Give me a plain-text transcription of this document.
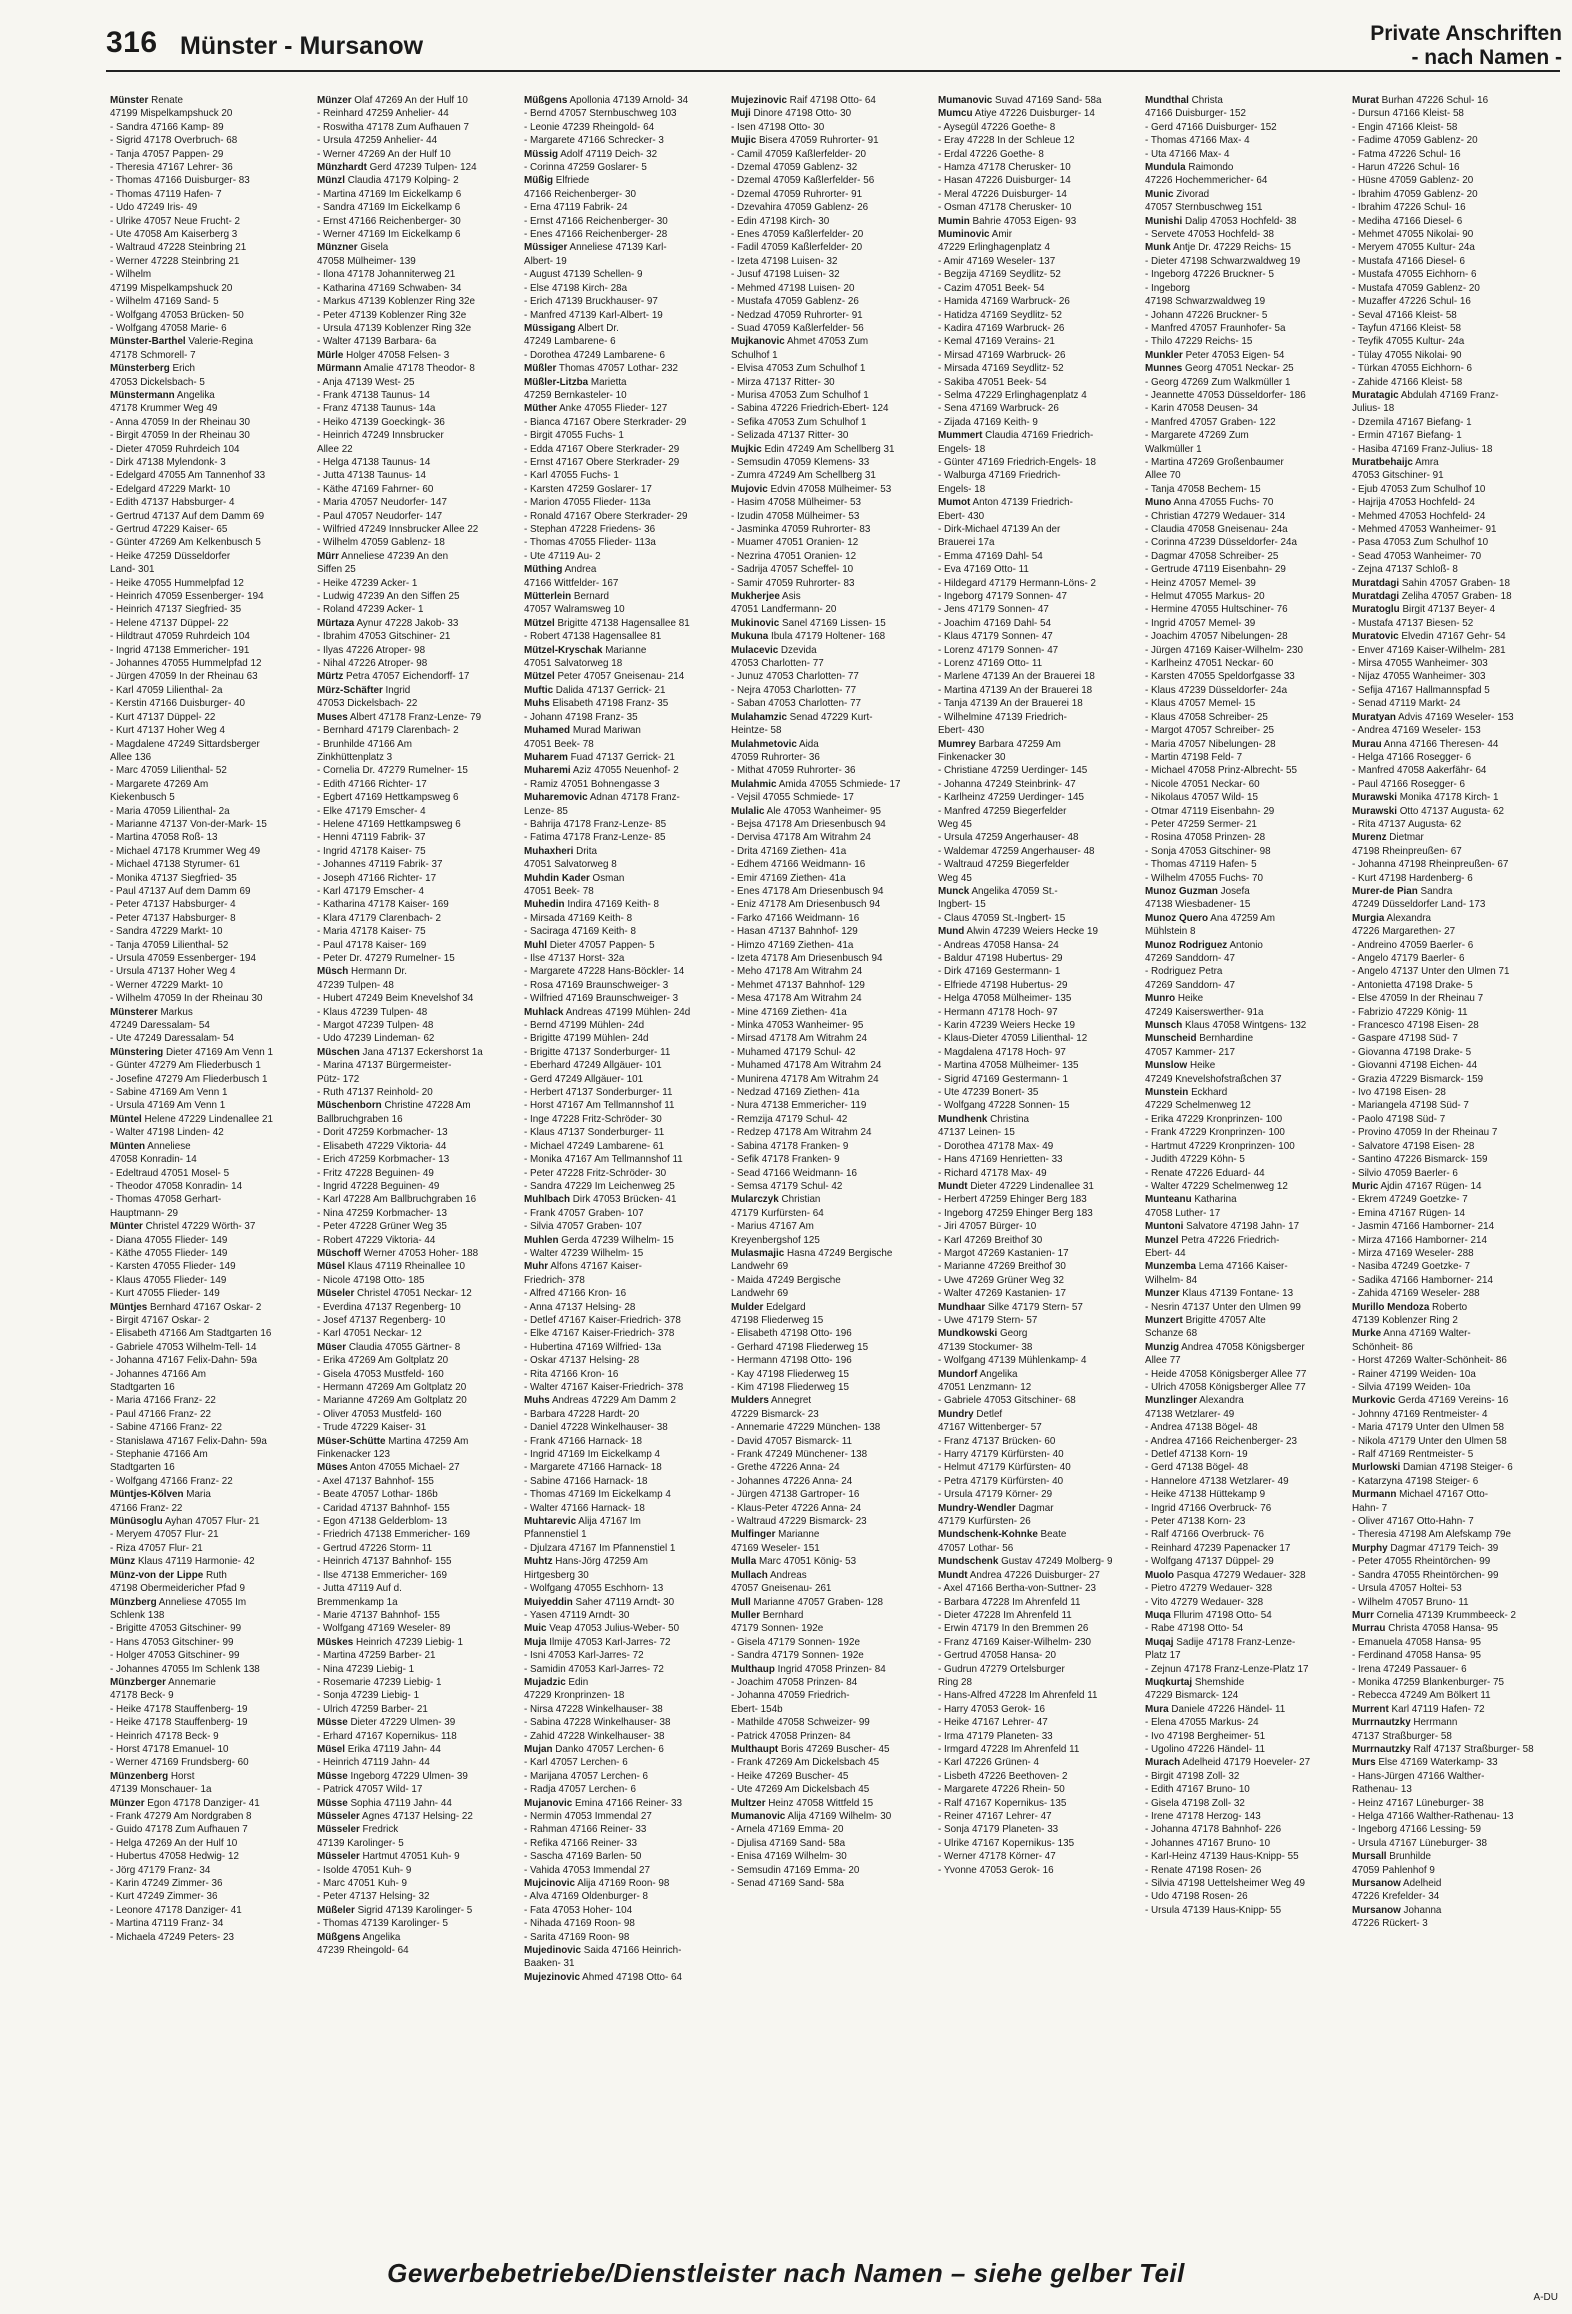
316 Münster - Mursanow	Private Anschriften
- nach Namen -
Münster Renate
47199 Mispelkampshuck 20
- Sandra 47166 Kamp- 89
- Sigrid 47178 Overbruch- 68
- Tanja 47057 Pappen- 29
- Theresia 47167 Lehrer- 36
- Thomas 47166 Duisburger- 83
- Thomas 47119 Hafen- 7
- Udo 47249 Iris- 49
- Ulrike 47057 Neue Frucht- 2
- Ute 47058 Am Kaiserberg 3
- Waltraud 47228 Steinbring 21
- Werner 47228 Steinbring 21
- Wilhelm
47199 Mispelkampshuck 20
- Wilhelm 47169 Sand- 5
- Wolfgang 47053 Brücken- 50
- Wolfgang 47058 Marie- 6
Münster-Barthel Valerie-Regina
47178 Schmorell- 7
Münsterberg Erich
47053 Dickelsbach- 5
Münstermann Angelika
47178 Krummer Weg 49
- Anna 47059 In der Rheinau 30
- Birgit 47059 In der Rheinau 30
- Dieter 47059 Ruhrdeich 104
- Dirk 47138 Mylendonk- 3
- Edelgard 47055 Am Tannenhof 33
- Edelgard 47229 Markt- 10
- Edith 47137 Habsburger- 4
- Gertrud 47137 Auf dem Damm 69
- Gertrud 47229 Kaiser- 65
- Günter 47269 Am Kelkenbusch 5
- Heike 47259 Düsseldorfer
Land- 301
- Heike 47055 Hummelpfad 12
- Heinrich 47059 Essenberger- 194
- Heinrich 47137 Siegfried- 35
- Helene 47137 Düppel- 22
- Hildtraut 47059 Ruhrdeich 104
- Ingrid 47138 Emmericher- 191
- Johannes 47055 Hummelpfad 12
- Jürgen 47059 In der Rheinau 63
- Karl 47059 Lilienthal- 2a
- Kerstin 47166 Duisburger- 40
- Kurt 47137 Düppel- 22
- Kurt 47137 Hoher Weg 4
- Magdalene 47249 Sittardsberger
Allee 136
- Marc 47059 Lilienthal- 52
- Margarete 47269 Am
Kiekenbusch 5
- Maria 47059 Lilienthal- 2a
- Marianne 47137 Von-der-Mark- 15
- Martina 47058 Roß- 13
- Michael 47178 Krummer Weg 49
- Michael 47138 Styrumer- 61
- Monika 47137 Siegfried- 35
- Paul 47137 Auf dem Damm 69
- Peter 47137 Habsburger- 4
- Peter 47137 Habsburger- 8
- Sandra 47229 Markt- 10
- Tanja 47059 Lilienthal- 52
- Ursula 47059 Essenberger- 194
- Ursula 47137 Hoher Weg 4
- Werner 47229 Markt- 10
- Wilhelm 47059 In der Rheinau 30
Münsterer Markus
47249 Daressalam- 54
- Ute 47249 Daressalam- 54
Münstering Dieter 47169 Am Venn 1
- Günter 47279 Am Fliederbusch 1
- Josefine 47279 Am Fliederbusch 1
- Sabine 47169 Am Venn 1
- Ursula 47169 Am Venn 1
Müntel Helene 47229 Lindenallee 21
- Walter 47198 Linden- 42
Münten Anneliese
47058 Konradin- 14
- Edeltraud 47051 Mosel- 5
- Theodor 47058 Konradin- 14
- Thomas 47058 Gerhart-
Hauptmann- 29
Münter Christel 47229 Wörth- 37
- Diana 47055 Flieder- 149
- Käthe 47055 Flieder- 149
- Karsten 47055 Flieder- 149
- Klaus 47055 Flieder- 149
- Kurt 47055 Flieder- 149
Müntjes Bernhard 47167 Oskar- 2
- Birgit 47167 Oskar- 2
- Elisabeth 47166 Am Stadtgarten 16
- Gabriele 47053 Wilhelm-Tell- 14
- Johanna 47167 Felix-Dahn- 59a
- Johannes 47166 Am
Stadtgarten 16
- Maria 47166 Franz- 22
- Paul 47166 Franz- 22
- Sabine 47166 Franz- 22
- Stanislawa 47167 Felix-Dahn- 59a
- Stephanie 47166 Am
Stadtgarten 16
- Wolfgang 47166 Franz- 22
Müntjes-Kölven Maria
47166 Franz- 22
Münüsoglu Ayhan 47057 Flur- 21
- Meryem 47057 Flur- 21
- Riza 47057 Flur- 21
Münz Klaus 47119 Harmonie- 42
Münz-von der Lippe Ruth
47198 Obermeidericher Pfad 9
Münzberg Anneliese 47055 Im
Schlenk 138
- Brigitte 47053 Gitschiner- 99
- Hans 47053 Gitschiner- 99
- Holger 47053 Gitschiner- 99
- Johannes 47055 Im Schlenk 138
Münzberger Annemarie
47178 Beck- 9
- Heike 47178 Stauffenberg- 19
- Heike 47178 Stauffenberg- 19
- Heinrich 47178 Beck- 9
- Horst 47178 Emanuel- 10
- Werner 47169 Frundsberg- 60
Münzenberg Horst
47139 Monschauer- 1a
Münzer Egon 47178 Danziger- 41
- Frank 47279 Am Nordgraben 8
- Guido 47178 Zum Aufhauen 7
- Helga 47269 An der Hulf 10
- Hubertus 47058 Hedwig- 12
- Jörg 47179 Franz- 34
- Karin 47249 Zimmer- 36
- Kurt 47249 Zimmer- 36
- Leonore 47178 Danziger- 41
- Martina 47119 Franz- 34
- Michaela 47249 Peters- 23
Münzer Olaf 47269 An der Hulf 10
- Reinhard 47259 Anhelier- 44
- Roswitha 47178 Zum Aufhauen 7
- Ursula 47259 Anhelier- 44
- Werner 47269 An der Hulf 10
Münzhardt Gerd 47239 Tulpen- 124
Münzl Claudia 47179 Kolping- 2
- Martina 47169 Im Eickelkamp 6
- Sandra 47169 Im Eickelkamp 6
- Ernst 47166 Reichenberger- 30
- Werner 47169 Im Eickelkamp 6
Münzner Gisela
47058 Mülheimer- 139
- Ilona 47178 Johanniterweg 21
- Katharina 47169 Schwaben- 34
- Markus 47139 Koblenzer Ring 32e
- Peter 47139 Koblenzer Ring 32e
- Ursula 47139 Koblenzer Ring 32e
- Walter 47139 Barbara- 6a
Mürle Holger 47058 Felsen- 3
Mürmann Amalie 47178 Theodor- 8
- Anja 47139 West- 25
- Frank 47138 Taunus- 14
- Franz 47138 Taunus- 14a
- Heiko 47139 Goeckingk- 36
- Heinrich 47249 Innsbrucker
Allee 22
- Helga 47138 Taunus- 14
- Jutta 47138 Taunus- 14
- Käthe 47169 Fahrner- 60
- Maria 47057 Neudorfer- 147
- Paul 47057 Neudorfer- 147
- Wilfried 47249 Innsbrucker Allee 22
- Wilhelm 47059 Gablenz- 18
Mürr Anneliese 47239 An den
Siffen 25
- Heike 47239 Acker- 1
- Ludwig 47239 An den Siffen 25
- Roland 47239 Acker- 1
Mürtaza Aynur 47228 Jakob- 33
- Ibrahim 47053 Gitschiner- 21
- Ilyas 47226 Atroper- 98
- Nihal 47226 Atroper- 98
Mürtz Petra 47057 Eichendorff- 17
Mürz-Schäfter Ingrid
47053 Dickelsbach- 22
Muses Albert 47178 Franz-Lenze- 79
- Bernhard 47179 Clarenbach- 2
- Brunhilde 47166 Am
Zinkhüttenplatz 3
- Cornelia Dr. 47279 Rumelner- 15
- Edith 47166 Richter- 17
- Egbert 47169 Hettkampsweg 6
- Elke 47179 Emscher- 4
- Helene 47169 Hettkampsweg 6
- Henni 47119 Fabrik- 37
- Ingrid 47178 Kaiser- 75
- Johannes 47119 Fabrik- 37
- Joseph 47166 Richter- 17
- Karl 47179 Emscher- 4
- Katharina 47178 Kaiser- 169
- Klara 47179 Clarenbach- 2
- Maria 47178 Kaiser- 75
- Paul 47178 Kaiser- 169
- Peter Dr. 47279 Rumelner- 15
Müsch Hermann Dr.
47239 Tulpen- 48
- Hubert 47249 Beim Knevelshof 34
- Klaus 47239 Tulpen- 48
- Margot 47239 Tulpen- 48
- Udo 47239 Lindeman- 62
Müschen Jana 47137 Eckershorst 1a
- Marina 47137 Bürgermeister-
Pütz- 172
- Ruth 47137 Reinhold- 20
Müschenborn Christine 47228 Am
Ballbruchgraben 16
- Dorit 47259 Korbmacher- 13
- Elisabeth 47229 Viktoria- 44
- Erich 47259 Korbmacher- 13
- Fritz 47228 Beguinen- 49
- Ingrid 47228 Beguinen- 49
- Karl 47228 Am Ballbruchgraben 16
- Nina 47259 Korbmacher- 13
- Peter 47228 Grüner Weg 35
- Robert 47229 Viktoria- 44
Müschoff Werner 47053 Hoher- 188
Müsel Klaus 47119 Rheinallee 10
- Nicole 47198 Otto- 185
Müseler Christel 47051 Neckar- 12
- Everdina 47137 Regenberg- 10
- Josef 47137 Regenberg- 10
- Karl 47051 Neckar- 12
Müser Claudia 47055 Gärtner- 8
- Erika 47269 Am Goltplatz 20
- Gisela 47053 Mustfeld- 160
- Hermann 47269 Am Goltplatz 20
- Marianne 47269 Am Goltplatz 20
- Oliver 47053 Mustfeld- 160
- Trude 47229 Kaiser- 31
Müser-Schütte Martina 47259 Am
Finkenacker 123
Müses Anton 47055 Michael- 27
- Axel 47137 Bahnhof- 155
- Beate 47057 Lothar- 186b
- Caridad 47137 Bahnhof- 155
- Egon 47138 Gelderblom- 13
- Friedrich 47138 Emmericher- 169
- Gertrud 47226 Storm- 11
- Heinrich 47137 Bahnhof- 155
- Ilse 47138 Emmericher- 169
- Jutta 47119 Auf d.
Bremmenkamp 1a
- Marie 47137 Bahnhof- 155
- Wolfgang 47169 Weseler- 89
Müskes Heinrich 47239 Liebig- 1
- Martina 47259 Barber- 21
- Nina 47239 Liebig- 1
- Rosemarie 47239 Liebig- 1
- Sonja 47239 Liebig- 1
- Ulrich 47259 Barber- 21
Müsse Dieter 47229 Ulmen- 39
- Erhard 47167 Kopernikus- 118
Müsel Erika 47119 Jahn- 44
- Heinrich 47119 Jahn- 44
Müsse Ingeborg 47229 Ulmen- 39
- Patrick 47057 Wild- 17
Müsse Sophia 47119 Jahn- 44
Müsseler Agnes 47137 Helsing- 22
Müsseler Fredrick
47139 Karolinger- 5
Müsseler Hartmut 47051 Kuh- 9
- Isolde 47051 Kuh- 9
- Marc 47051 Kuh- 9
- Peter 47137 Helsing- 32
Müßeler Sigrid 47139 Karolinger- 5
- Thomas 47139 Karolinger- 5
Müßgens Angelika
47239 Rheingold- 64
Müßgens Apollonia 47139 Arnold- 34
- Bernd 47057 Sternbuschweg 103
- Leonie 47239 Rheingold- 64
- Margarete 47166 Schrecker- 3
Müssig Adolf 47119 Deich- 32
- Corinna 47259 Goslarer- 5
Müßig Elfriede
47166 Reichenberger- 30
- Erna 47119 Fabrik- 24
- Ernst 47166 Reichenberger- 30
- Enes 47166 Reichenberger- 28
Müssiger Anneliese 47139 Karl-
Albert- 19
- August 47139 Schellen- 9
- Else 47198 Kirch- 28a
- Erich 47139 Bruckhauser- 97
- Manfred 47139 Karl-Albert- 19
Müssigang Albert Dr.
47249 Lambarene- 6
- Dorothea 47249 Lambarene- 6
Müßler Thomas 47057 Lothar- 232
Müßler-Litzba Marietta
47259 Bernkasteler- 10
Müther Anke 47055 Flieder- 127
- Bianca 47167 Obere Sterkrader- 29
- Birgit 47055 Fuchs- 1
- Edda 47167 Obere Sterkrader- 29
- Ernst 47167 Obere Sterkrader- 29
- Karl 47055 Fuchs- 1
- Karsten 47259 Goslarer- 17
- Marion 47055 Flieder- 113a
- Ronald 47167 Obere Sterkrader- 29
- Stephan 47228 Friedens- 36
- Thomas 47055 Flieder- 113a
- Ute 47119 Au- 2
Müthing Andrea
47166 Wittfelder- 167
Mütterlein Bernard
47057 Walramsweg 10
Mützel Brigitte 47138 Hagensallee 81
- Robert 47138 Hagensallee 81
Mützel-Kryschak Marianne
47051 Salvatorweg 18
Mützel Peter 47057 Gneisenau- 214
Muftic Dalida 47137 Gerrick- 21
Muhs Elisabeth 47198 Franz- 35
- Johann 47198 Franz- 35
Muhamed Murad Mariwan
47051 Beek- 78
Muharem Fuad 47137 Gerrick- 21
Muharemi Aziz 47055 Neuenhof- 2
- Ramiz 47051 Bohnengasse 3
Muharemovic Adnan 47178 Franz-
Lenze- 85
- Bahrija 47178 Franz-Lenze- 85
- Fatima 47178 Franz-Lenze- 85
Muhaxheri Drita
47051 Salvatorweg 8
Muhdin Kader Osman
47051 Beek- 78
Muhedin Indira 47169 Keith- 8
- Mirsada 47169 Keith- 8
- Saciraga 47169 Keith- 8
Muhl Dieter 47057 Pappen- 5
- Ilse 47137 Horst- 32a
- Margarete 47228 Hans-Böckler- 14
- Rosa 47169 Braunschweiger- 3
- Wilfried 47169 Braunschweiger- 3
Muhlack Andreas 47199 Mühlen- 24d
- Bernd 47199 Mühlen- 24d
- Brigitte 47199 Mühlen- 24d
- Brigitte 47137 Sonderburger- 11
- Eberhard 47249 Allgäuer- 101
- Gerd 47249 Allgäuer- 101
- Herbert 47137 Sonderburger- 11
- Horst 47167 Am Tellmannshof 11
- Inge 47228 Fritz-Schröder- 30
- Klaus 47137 Sonderburger- 11
- Michael 47249 Lambarene- 61
- Monika 47167 Am Tellmannshof 11
- Peter 47228 Fritz-Schröder- 30
- Sandra 47229 Im Leichenweg 25
Muhlbach Dirk 47053 Brücken- 41
- Frank 47057 Graben- 107
- Silvia 47057 Graben- 107
Muhlen Gerda 47239 Wilhelm- 15
- Walter 47239 Wilhelm- 15
Muhr Alfons 47167 Kaiser-
Friedrich- 378
- Alfred 47166 Kron- 16
- Anna 47137 Helsing- 28
- Detlef 47167 Kaiser-Friedrich- 378
- Elke 47167 Kaiser-Friedrich- 378
- Hubertina 47169 Wilfried- 13a
- Oskar 47137 Helsing- 28
- Rita 47166 Kron- 16
- Walter 47167 Kaiser-Friedrich- 378
Muhs Andreas 47229 Am Damm 2
- Barbara 47228 Hardt- 20
- Daniel 47228 Winkelhauser- 38
- Frank 47166 Harnack- 18
- Ingrid 47169 Im Eickelkamp 4
- Margarete 47166 Harnack- 18
- Sabine 47166 Harnack- 18
- Thomas 47169 Im Eickelkamp 4
- Walter 47166 Harnack- 18
Muhtarevic Alija 47167 Im
Pfannenstiel 1
- Djulzara 47167 Im Pfannenstiel 1
Muhtz Hans-Jörg 47259 Am
Hirtgesberg 30
- Wolfgang 47055 Eschhorn- 13
Muiyeddin Saher 47119 Arndt- 30
- Yasen 47119 Arndt- 30
Muic Veap 47053 Julius-Weber- 50
Muja Ilmije 47053 Karl-Jarres- 72
- Isni 47053 Karl-Jarres- 72
- Samidin 47053 Karl-Jarres- 72
Mujadzic Edin
47229 Kronprinzen- 18
- Nirsa 47228 Winkelhauser- 38
- Sabina 47228 Winkelhauser- 38
- Zahid 47228 Winkelhauser- 38
Mujan Danko 47057 Lerchen- 6
- Karl 47057 Lerchen- 6
- Marijana 47057 Lerchen- 6
- Radja 47057 Lerchen- 6
Mujanovic Emina 47166 Reiner- 33
- Nermin 47053 Immendal 27
- Rahman 47166 Reiner- 33
- Refika 47166 Reiner- 33
- Sascha 47169 Barlen- 50
- Vahida 47053 Immendal 27
Mujcinovic Alija 47169 Roon- 98
- Alva 47169 Oldenburger- 8
- Fata 47053 Hoher- 104
- Nihada 47169 Roon- 98
- Sarita 47169 Roon- 98
Mujedinovic Saida 47166 Heinrich-
Baaken- 31
Mujezinovic Ahmed 47198 Otto- 64
Mujezinovic Raif 47198 Otto- 64
Muji Dinore 47198 Otto- 30
- Isen 47198 Otto- 30
Mujic Bisera 47059 Ruhrorter- 91
- Camil 47059 Kaßlerfelder- 20
- Dzemal 47059 Gablenz- 32
- Dzemal 47059 Kaßlerfelder- 56
- Dzemal 47059 Ruhrorter- 91
- Dzevahira 47059 Gablenz- 26
- Edin 47198 Kirch- 30
- Enes 47059 Kaßlerfelder- 20
- Fadil 47059 Kaßlerfelder- 20
- Izeta 47198 Luisen- 32
- Jusuf 47198 Luisen- 32
- Mehmed 47198 Luisen- 20
- Mustafa 47059 Gablenz- 26
- Nedzad 47059 Ruhrorter- 91
- Suad 47059 Kaßlerfelder- 56
Mujkanovic Ahmet 47053 Zum
Schulhof 1
- Elvisa 47053 Zum Schulhof 1
- Mirza 47137 Ritter- 30
- Murisa 47053 Zum Schulhof 1
- Sabina 47226 Friedrich-Ebert- 124
- Sefika 47053 Zum Schulhof 1
- Selizada 47137 Ritter- 30
Mujkic Edin 47249 Am Schellberg 31
- Semsudin 47059 Klemens- 33
- Zumra 47249 Am Schellberg 31
Mujovic Edvin 47058 Mülheimer- 53
- Hasim 47058 Mülheimer- 53
- Izudin 47058 Mülheimer- 53
- Jasminka 47059 Ruhrorter- 83
- Muamer 47051 Oranien- 12
- Nezrina 47051 Oranien- 12
- Sadrija 47057 Scheffel- 10
- Samir 47059 Ruhrorter- 83
Mukherjee Asis
47051 Landfermann- 20
Mukinovic Sanel 47169 Lissen- 15
Mukuna Ibula 47179 Holtener- 168
Mulacevic Dzevida
47053 Charlotten- 77
- Junuz 47053 Charlotten- 77
- Nejra 47053 Charlotten- 77
- Saban 47053 Charlotten- 77
Mulahamzic Senad 47229 Kurt-
Heintze- 58
Mulahmetovic Aida
47059 Ruhrorter- 36
- Mithat 47059 Ruhrorter- 36
Mulahmic Amida 47055 Schmiede- 17
- Vejsil 47055 Schmiede- 17
Mulalic Ale 47053 Wanheimer- 95
- Bejsa 47178 Am Driesenbusch 94
- Dervisa 47178 Am Witrahm 24
- Drita 47169 Ziethen- 41a
- Edhem 47166 Weidmann- 16
- Emir 47169 Ziethen- 41a
- Enes 47178 Am Driesenbusch 94
- Eniz 47178 Am Driesenbusch 94
- Farko 47166 Weidmann- 16
- Hasan 47137 Bahnhof- 129
- Himzo 47169 Ziethen- 41a
- Izeta 47178 Am Driesenbusch 94
- Meho 47178 Am Witrahm 24
- Mehmet 47137 Bahnhof- 129
- Mesa 47178 Am Witrahm 24
- Mine 47169 Ziethen- 41a
- Minka 47053 Wanheimer- 95
- Mirsad 47178 Am Witrahm 24
- Muhamed 47179 Schul- 42
- Muhamed 47178 Am Witrahm 24
- Munirena 47178 Am Witrahm 24
- Nedzad 47169 Ziethen- 41a
- Nura 47138 Emmericher- 119
- Remzija 47179 Schul- 42
- Redzep 47178 Am Witrahm 24
- Sabina 47178 Franken- 9
- Sefik 47178 Franken- 9
- Sead 47166 Weidmann- 16
- Semsa 47179 Schul- 42
Mularczyk Christian
47179 Kurfürsten- 64
- Marius 47167 Am
Kreyenbergshof 125
Mulasmajic Hasna 47249 Bergische
Landwehr 69
- Maida 47249 Bergische
Landwehr 69
Mulder Edelgard
47198 Fliederweg 15
- Elisabeth 47198 Otto- 196
- Gerhard 47198 Fliederweg 15
- Hermann 47198 Otto- 196
- Kay 47198 Fliederweg 15
- Kim 47198 Fliederweg 15
Mulders Annegret
47229 Bismarck- 23
- Annemarie 47229 München- 138
- David 47057 Bismarck- 11
- Frank 47249 Münchener- 138
- Grethe 47226 Anna- 24
- Johannes 47226 Anna- 24
- Jürgen 47138 Gartroper- 16
- Klaus-Peter 47226 Anna- 24
- Waltraud 47229 Bismarck- 23
Mulfinger Marianne
47169 Weseler- 151
Mulla Marc 47051 König- 53
Mullach Andreas
47057 Gneisenau- 261
Mull Marianne 47057 Graben- 128
Muller Bernhard
47179 Sonnen- 192e
- Gisela 47179 Sonnen- 192e
- Sandra 47179 Sonnen- 192e
Multhaup Ingrid 47058 Prinzen- 84
- Joachim 47058 Prinzen- 84
- Johanna 47059 Friedrich-
Ebert- 154b
- Mathilde 47058 Schweizer- 99
- Patrick 47058 Prinzen- 84
Multhaupt Boris 47269 Buscher- 45
- Frank 47269 Am Dickelsbach 45
- Heike 47269 Buscher- 45
- Ute 47269 Am Dickelsbach 45
Multzer Heinz 47058 Wittfeld 15
Mumanovic Alija 47169 Wilhelm- 30
- Arnela 47169 Emma- 20
- Djulisa 47169 Sand- 58a
- Enisa 47169 Wilhelm- 30
- Semsudin 47169 Emma- 20
- Senad 47169 Sand- 58a
Mumanovic Suvad 47169 Sand- 58a
Mumcu Atiye 47226 Duisburger- 14
- Aysegül 47226 Goethe- 8
- Eray 47228 In der Schleue 12
- Erdal 47226 Goethe- 8
- Hamza 47178 Cherusker- 10
- Hasan 47226 Duisburger- 14
- Meral 47226 Duisburger- 14
- Osman 47178 Cherusker- 10
Mumin Bahrie 47053 Eigen- 93
Muminovic Amir
47229 Erlinghagenplatz 4
- Amir 47169 Weseler- 137
- Begzija 47169 Seydlitz- 52
- Cazim 47051 Beek- 54
- Hamida 47169 Warbruck- 26
- Hatidza 47169 Seydlitz- 52
- Kadira 47169 Warbruck- 26
- Kemal 47169 Verains- 21
- Mirsad 47169 Warbruck- 26
- Mirsada 47169 Seydlitz- 52
- Sakiba 47051 Beek- 54
- Selma 47229 Erlinghagenplatz 4
- Sena 47169 Warbruck- 26
- Zijada 47169 Keith- 9
Mummert Claudia 47169 Friedrich-
Engels- 18
- Günter 47169 Friedrich-Engels- 18
- Walburga 47169 Friedrich-
Engels- 18
Mumot Anton 47139 Friedrich-
Ebert- 430
- Dirk-Michael 47139 An der
Brauerei 17a
- Emma 47169 Dahl- 54
- Eva 47169 Otto- 11
- Hildegard 47179 Hermann-Löns- 2
- Ingeborg 47179 Sonnen- 47
- Jens 47179 Sonnen- 47
- Joachim 47169 Dahl- 54
- Klaus 47179 Sonnen- 47
- Lorenz 47179 Sonnen- 47
- Lorenz 47169 Otto- 11
- Marlene 47139 An der Brauerei 18
- Martina 47139 An der Brauerei 18
- Tanja 47139 An der Brauerei 18
- Wilhelmine 47139 Friedrich-
Ebert- 430
Mumrey Barbara 47259 Am
Finkenacker 30
- Christiane 47259 Uerdinger- 145
- Johanna 47249 Steinbrink- 47
- Karlheinz 47259 Uerdinger- 145
- Manfred 47259 Biegerfelder
Weg 45
- Ursula 47259 Angerhauser- 48
- Waldemar 47259 Angerhauser- 48
- Waltraud 47259 Biegerfelder
Weg 45
Munck Angelika 47059 St.-
Ingbert- 15
- Claus 47059 St.-Ingbert- 15
Mund Alwin 47239 Weiers Hecke 19
- Andreas 47058 Hansa- 24
- Baldur 47198 Hubertus- 29
- Dirk 47169 Gestermann- 1
- Elfriede 47198 Hubertus- 29
- Helga 47058 Mülheimer- 135
- Hermann 47178 Hoch- 97
- Karin 47239 Weiers Hecke 19
- Klaus-Dieter 47059 Lilienthal- 12
- Magdalena 47178 Hoch- 97
- Martina 47058 Mülheimer- 135
- Sigrid 47169 Gestermann- 1
- Ute 47239 Bonert- 35
- Wolfgang 47228 Sonnen- 15
Mundhenk Christina
47137 Leinen- 15
- Dorothea 47178 Max- 49
- Hans 47169 Henrietten- 33
- Richard 47178 Max- 49
Mundt Dieter 47229 Lindenallee 31
- Herbert 47259 Ehinger Berg 183
- Ingeborg 47259 Ehinger Berg 183
- Jiri 47057 Bürger- 10
- Karl 47269 Breithof 30
- Margot 47269 Kastanien- 17
- Marianne 47269 Breithof 30
- Uwe 47269 Grüner Weg 32
- Walter 47269 Kastanien- 17
Mundhaar Silke 47179 Stern- 57
- Uwe 47179 Stern- 57
Mundkowski Georg
47139 Stockumer- 38
- Wolfgang 47139 Mühlenkamp- 4
Mundorf Angelika
47051 Lenzmann- 12
- Gabriele 47053 Gitschiner- 68
Mundry Detlef
47167 Wittenberger- 57
- Franz 47137 Brücken- 60
- Harry 47179 Kürfürsten- 40
- Helmut 47179 Kürfürsten- 40
- Petra 47179 Kürfürsten- 40
- Ursula 47179 Körner- 29
Mundry-Wendler Dagmar
47179 Kurfürsten- 26
Mundschenk-Kohnke Beate
47057 Lothar- 56
Mundschenk Gustav 47249 Molberg- 9
Mundt Andrea 47226 Duisburger- 27
- Axel 47166 Bertha-von-Suttner- 23
- Barbara 47228 Im Ahrenfeld 11
- Dieter 47228 Im Ahrenfeld 11
- Erwin 47179 In den Bremmen 26
- Franz 47169 Kaiser-Wilhelm- 230
- Gertrud 47058 Hansa- 20
- Gudrun 47279 Ortelsburger
Ring 28
- Hans-Alfred 47228 Im Ahrenfeld 11
- Harry 47053 Gerok- 16
- Heike 47167 Lehrer- 47
- Irma 47179 Planeten- 33
- Irmgard 47228 Im Ahrenfeld 11
- Karl 47226 Grünen- 4
- Lisbeth 47226 Beethoven- 2
- Margarete 47226 Rhein- 50
- Ralf 47167 Kopernikus- 135
- Reiner 47167 Lehrer- 47
- Sonja 47179 Planeten- 33
- Ulrike 47167 Kopernikus- 135
- Werner 47178 Körner- 47
- Yvonne 47053 Gerok- 16
Mundthal Christa
47166 Duisburger- 152
- Gerd 47166 Duisburger- 152
- Thomas 47166 Max- 4
- Uta 47166 Max- 4
Mundula Raimondo
47226 Hochemmericher- 64
Munic Zivorad
47057 Sternbuschweg 151
Munishi Dalip 47053 Hochfeld- 38
- Servete 47053 Hochfeld- 38
Munk Antje Dr. 47229 Reichs- 15
- Dieter 47198 Schwarzwaldweg 19
- Ingeborg 47226 Bruckner- 5
- Ingeborg
47198 Schwarzwaldweg 19
- Johann 47226 Bruckner- 5
- Manfred 47057 Fraunhofer- 5a
- Thilo 47229 Reichs- 15
Munkler Peter 47053 Eigen- 54
Munnes Georg 47051 Neckar- 25
- Georg 47269 Zum Walkmüller 1
- Jeannette 47053 Düsseldorfer- 186
- Karin 47058 Deusen- 34
- Manfred 47057 Graben- 122
- Margarete 47269 Zum
Walkmüller 1
- Martina 47269 Großenbaumer
Allee 70
- Tanja 47058 Bechem- 15
Muno Anna 47055 Fuchs- 70
- Christian 47279 Wedauer- 314
- Claudia 47058 Gneisenau- 24a
- Corinna 47239 Düsseldorfer- 24a
- Dagmar 47058 Schreiber- 25
- Gertrude 47119 Eisenbahn- 29
- Heinz 47057 Memel- 39
- Helmut 47055 Markus- 20
- Hermine 47055 Hultschiner- 76
- Ingrid 47057 Memel- 39
- Joachim 47057 Nibelungen- 28
- Jürgen 47169 Kaiser-Wilhelm- 230
- Karlheinz 47051 Neckar- 60
- Karsten 47055 Speldorfgasse 33
- Klaus 47239 Düsseldorfer- 24a
- Klaus 47057 Memel- 15
- Klaus 47058 Schreiber- 25
- Margot 47057 Schreiber- 25
- Maria 47057 Nibelungen- 28
- Martin 47198 Feld- 7
- Michael 47058 Prinz-Albrecht- 55
- Nicole 47051 Neckar- 60
- Nikolaus 47057 Wild- 15
- Otmar 47119 Eisenbahn- 29
- Peter 47259 Sermer- 21
- Rosina 47058 Prinzen- 28
- Sonja 47053 Gitschiner- 98
- Thomas 47119 Hafen- 5
- Wilhelm 47055 Fuchs- 70
Munoz Guzman Josefa
47138 Wiesbadener- 15
Munoz Quero Ana 47259 Am
Mühlstein 8
Munoz Rodriguez Antonio
47269 Sanddorn- 47
- Rodriguez Petra
47269 Sanddorn- 47
Munro Heike
47249 Kaiserswerther- 91a
Munsch Klaus 47058 Wintgens- 132
Munscheid Bernhardine
47057 Kammer- 217
Munslow Heike
47249 Knevelshofstraßchen 37
Munstein Eckhard
47229 Schelmenweg 12
- Erika 47229 Kronprinzen- 100
- Frank 47229 Kronprinzen- 100
- Hartmut 47229 Kronprinzen- 100
- Judith 47229 Köhn- 5
- Renate 47226 Eduard- 44
- Walter 47229 Schelmenweg 12
Munteanu Katharina
47058 Luther- 17
Muntoni Salvatore 47198 Jahn- 17
Munzel Petra 47226 Friedrich-
Ebert- 44
Munzemba Lema 47166 Kaiser-
Wilhelm- 84
Munzer Klaus 47139 Fontane- 13
- Nesrin 47137 Unter den Ulmen 99
Munzert Brigitte 47057 Alte
Schanze 68
Munzig Andrea 47058 Königsberger
Allee 77
- Heide 47058 Königsberger Allee 77
- Ulrich 47058 Königsberger Allee 77
Munzlinger Alexandra
47138 Wetzlarer- 49
- Andrea 47138 Bögel- 48
- Andrea 47166 Reichenberger- 23
- Detlef 47138 Korn- 19
- Gerd 47138 Bögel- 48
- Hannelore 47138 Wetzlarer- 49
- Heike 47138 Hüttekamp 9
- Ingrid 47166 Overbruck- 76
- Peter 47138 Korn- 23
- Ralf 47166 Overbruck- 76
- Reinhard 47239 Papenacker 17
- Wolfgang 47137 Düppel- 29
Muolo Pasqua 47279 Wedauer- 328
- Pietro 47279 Wedauer- 328
- Vito 47279 Wedauer- 328
Muqa Fllurim 47198 Otto- 54
- Rabe 47198 Otto- 54
Muqaj Sadije 47178 Franz-Lenze-
Platz 17
- Zejnun 47178 Franz-Lenze-Platz 17
Muqkurtaj Shemshide
47229 Bismarck- 124
Mura Daniele 47226 Händel- 11
- Elena 47055 Markus- 24
- Ivo 47198 Bergheimer- 51
- Ugolino 47226 Händel- 11
Murach Adelheid 47179 Hoeveler- 27
- Birgit 47198 Zoll- 32
- Edith 47167 Bruno- 10
- Gisela 47198 Zoll- 32
- Irene 47178 Herzog- 143
- Johanna 47178 Bahnhof- 226
- Johannes 47167 Bruno- 10
- Karl-Heinz 47139 Haus-Knipp- 55
- Renate 47198 Rosen- 26
- Silvia 47198 Uettelsheimer Weg 49
- Udo 47198 Rosen- 26
- Ursula 47139 Haus-Knipp- 55
Murat Burhan 47226 Schul- 16
- Dursun 47166 Kleist- 58
- Engin 47166 Kleist- 58
- Fadime 47059 Gablenz- 20
- Fatma 47226 Schul- 16
- Harun 47226 Schul- 16
- Hüsne 47059 Gablenz- 20
- Ibrahim 47059 Gablenz- 20
- Ibrahim 47226 Schul- 16
- Mediha 47166 Diesel- 6
- Mehmet 47055 Nikolai- 90
- Meryem 47055 Kultur- 24a
- Mustafa 47166 Diesel- 6
- Mustafa 47055 Eichhorn- 6
- Mustafa 47059 Gablenz- 20
- Muzaffer 47226 Schul- 16
- Seval 47166 Kleist- 58
- Tayfun 47166 Kleist- 58
- Teyfik 47055 Kultur- 24a
- Tülay 47055 Nikolai- 90
- Türkan 47055 Eichhorn- 6
- Zahide 47166 Kleist- 58
Muratagic Abdulah 47169 Franz-
Julius- 18
- Dzemila 47167 Biefang- 1
- Ermin 47167 Biefang- 1
- Hasiba 47169 Franz-Julius- 18
Muratbehaijc Amra
47053 Gitschiner- 91
- Ejub 47053 Zum Schulhof 10
- Hajrija 47053 Hochfeld- 24
- Mehmed 47053 Hochfeld- 24
- Mehmed 47053 Wanheimer- 91
- Pasa 47053 Zum Schulhof 10
- Sead 47053 Wanheimer- 70
- Zejna 47137 Schloß- 8
Muratdagi Sahin 47057 Graben- 18
Muratdagi Zeliha 47057 Graben- 18
Muratoglu Birgit 47137 Beyer- 4
- Mustafa 47137 Biesen- 52
Muratovic Elvedin 47167 Gehr- 54
- Enver 47169 Kaiser-Wilhelm- 281
- Mirsa 47055 Wanheimer- 303
- Nijaz 47055 Wanheimer- 303
- Sefija 47167 Hallmannspfad 5
- Senad 47119 Markt- 24
Muratyan Advis 47169 Weseler- 153
- Andrea 47169 Weseler- 153
Murau Anna 47166 Theresen- 44
- Helga 47166 Rosegger- 6
- Manfred 47058 Aakerfähr- 64
- Paul 47166 Rosegger- 6
Murawski Monika 47178 Kirch- 1
Murawski Otto 47137 Augusta- 62
- Rita 47137 Augusta- 62
Murenz Dietmar
47198 Rheinpreußen- 67
- Johanna 47198 Rheinpreußen- 67
- Kurt 47198 Hardenberg- 6
Murer-de Pian Sandra
47249 Düsseldorfer Land- 173
Murgia Alexandra
47226 Margarethen- 27
- Andreino 47059 Baerler- 6
- Angelo 47179 Baerler- 6
- Angelo 47137 Unter den Ulmen 71
- Antonietta 47198 Drake- 5
- Else 47059 In der Rheinau 7
- Fabrizio 47229 König- 11
- Francesco 47198 Eisen- 28
- Gaspare 47198 Süd- 7
- Giovanna 47198 Drake- 5
- Giovanni 47198 Eichen- 44
- Grazia 47229 Bismarck- 159
- Ivo 47198 Eisen- 28
- Mariangela 47198 Süd- 7
- Paolo 47198 Süd- 7
- Provino 47059 In der Rheinau 7
- Salvatore 47198 Eisen- 28
- Santino 47226 Bismarck- 159
- Silvio 47059 Baerler- 6
Muric Ajdin 47167 Rügen- 14
- Ekrem 47249 Goetzke- 7
- Emina 47167 Rügen- 14
- Jasmin 47166 Hamborner- 214
- Mirza 47166 Hamborner- 214
- Mirza 47169 Weseler- 288
- Nasiba 47249 Goetzke- 7
- Sadika 47166 Hamborner- 214
- Zahida 47169 Weseler- 288
Murillo Mendoza Roberto
47139 Koblenzer Ring 2
Murke Anna 47169 Walter-
Schönheit- 86
- Horst 47269 Walter-Schönheit- 86
- Rainer 47199 Weiden- 10a
- Silvia 47199 Weiden- 10a
Murkovic Gerda 47169 Vereins- 16
- Johnny 47169 Rentmeister- 4
- Maria 47179 Unter den Ulmen 58
- Nikola 47179 Unter den Ulmen 58
- Ralf 47169 Rentmeister- 5
Murlowski Damian 47198 Steiger- 6
- Katarzyna 47198 Steiger- 6
Murmann Michael 47167 Otto-
Hahn- 7
- Oliver 47167 Otto-Hahn- 7
- Theresia 47198 Am Alefskamp 79e
Murphy Dagmar 47179 Teich- 39
- Peter 47055 Rheintörchen- 99
- Sandra 47055 Rheintörchen- 99
- Ursula 47057 Holtei- 53
- Wilhelm 47057 Bruno- 11
Murr Cornelia 47139 Krummbeeck- 2
Murrau Christa 47058 Hansa- 95
- Emanuela 47058 Hansa- 95
- Ferdinand 47058 Hansa- 95
- Irena 47249 Passauer- 6
- Monika 47259 Blankenburger- 75
- Rebecca 47249 Am Bölkert 11
Murrent Karl 47119 Hafen- 72
Murrnautzky Herrmann
47137 Straßburger- 58
Murrnautzky Ralf 47137 Straßburger- 58
Murs Else 47169 Waterkamp- 33
- Hans-Jürgen 47166 Walther-
Rathenau- 13
- Heinz 47167 Lüneburger- 38
- Helga 47166 Walther-Rathenau- 13
- Ingeborg 47166 Lessing- 59
- Ursula 47167 Lüneburger- 38
Mursall Brunhilde
47059 Pahlenhof 9
Mursanow Adelheid
47226 Krefelder- 34
Mursanow Johanna
47226 Rückert- 3
Gewerbebetriebe/Dienstleister nach Namen – siehe gelber Teil
A-DU
